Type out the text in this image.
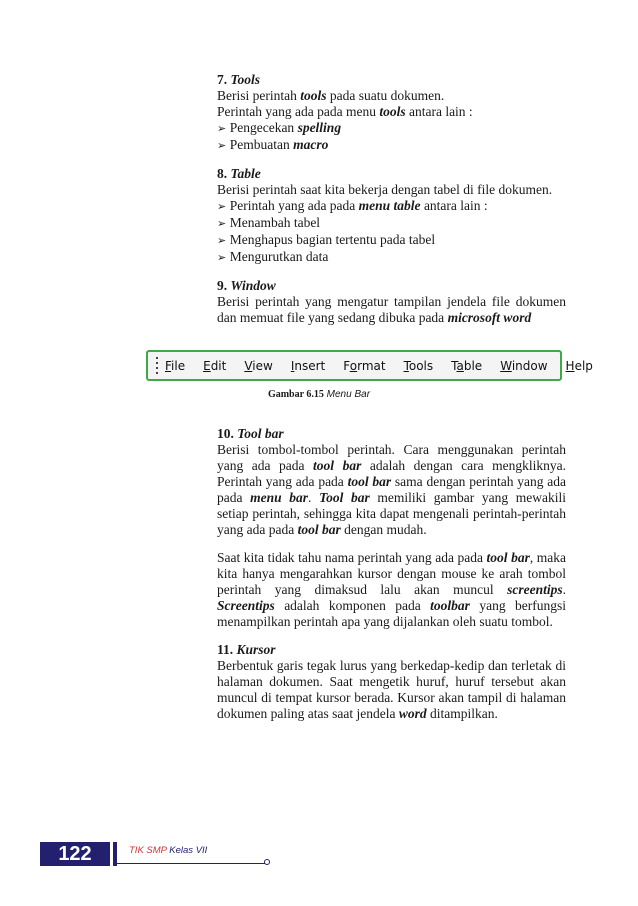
7. Tools

Berisi perintah tools pada suatu dokumen.

Perintah yang ada pada menu tools antara lain :

➢ Pengecekan spelling

➢ Pembuatan macro

8. Table

Berisi perintah saat kita bekerja dengan tabel di file dokumen.

➢ Perintah yang ada pada menu table antara lain :

➢ Menambah tabel

➢ Menghapus bagian tertentu pada tabel

➢ Mengurutkan data

9. Window

Berisi perintah yang mengatur tampilan jendela file dokumen dan memuat file yang sedang dibuka pada microsoft word

File Edit View Insert Format Tools Table Window Help
Gambar 6.15 Menu Bar
10. Tool bar

Berisi tombol-tombol perintah. Cara menggunakan perintah yang ada pada tool bar adalah dengan cara mengkliknya. Perintah yang ada pada tool bar sama dengan perintah yang ada pada menu bar. Tool bar memiliki gambar yang mewakili setiap perintah, sehingga kita dapat mengenali perintah-perintah yang ada pada tool bar dengan mudah.

Saat kita tidak tahu nama perintah yang ada pada tool bar, maka kita hanya mengarahkan kursor dengan mouse ke arah tombol perintah yang dimaksud lalu akan muncul screentips. Screentips adalah komponen pada toolbar yang berfungsi menampilkan perintah apa yang dijalankan oleh suatu tombol.

11. Kursor

Berbentuk garis tegak lurus yang berkedap-kedip dan terletak di halaman dokumen. Saat mengetik huruf, huruf tersebut akan muncul di tempat kursor berada. Kursor akan tampil di halaman dokumen paling atas saat jendela word ditampilkan.

122	TIK SMP Kelas VII
